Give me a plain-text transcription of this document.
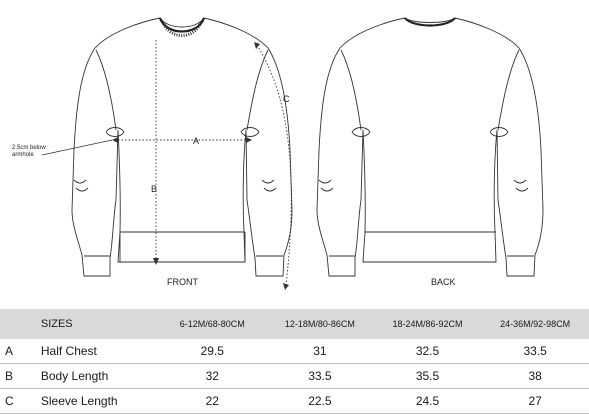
FRONT	BACK
A
B
C
2.5cm below armhole
	SIZES	6-12M/68-80CM	12-18M/80-86CM	18-24M/86-92CM	24-36M/92-98CM
A	Half Chest	29.5	31	32.5	33.5
B	Body Length	32	33.5	35.5	38
C	Sleeve Length	22	22.5	24.5	27
